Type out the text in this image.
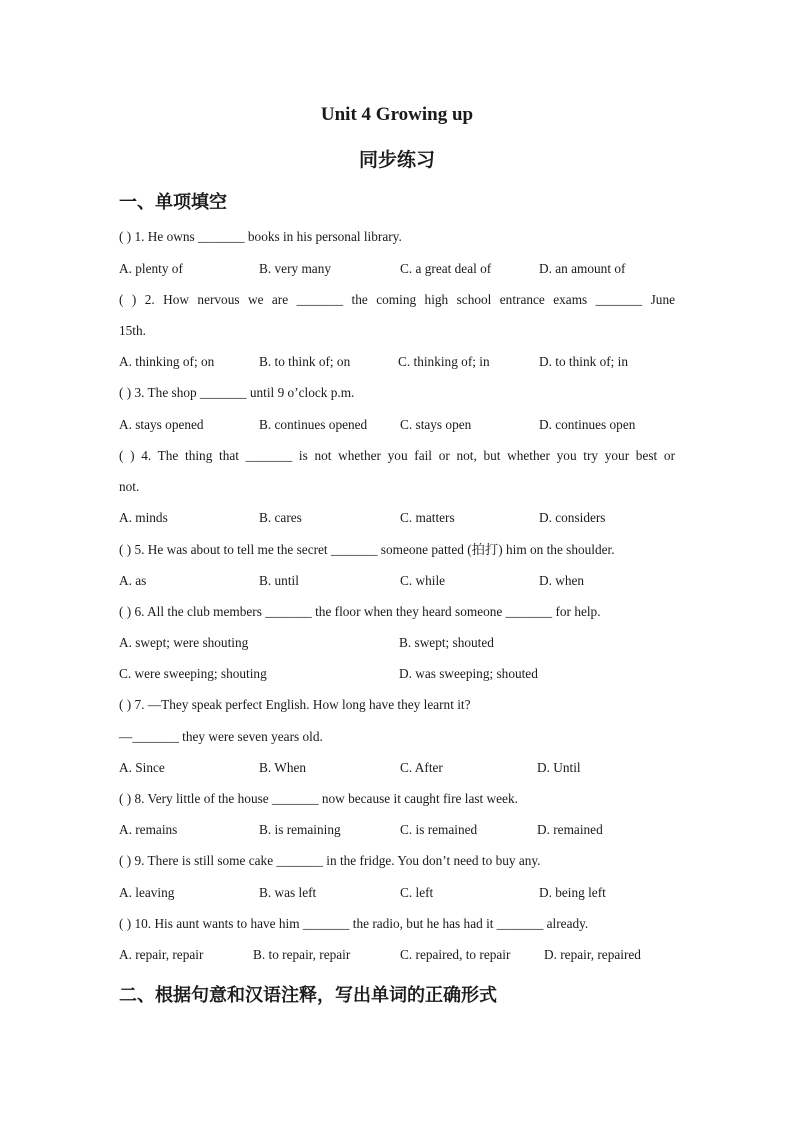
Unit 4 Growing up
同步练习
一、单项填空
( ) 1. He owns _______ books in his personal library.
A. plenty of	B. very many	C. a great deal of	D. an amount of
( ) 2. How nervous we are _______ the coming high school entrance exams _______ June
15th.
A. thinking of; on	B. to think of; on	C. thinking of; in	D. to think of; in
( ) 3. The shop _______ until 9 o’clock p.m.
A. stays opened	B. continues opened C. stays open	D. continues open
( ) 4. The thing that _______ is not whether you fail or not, but whether you try your best or
not.
A. minds	B. cares	C. matters	D. considers
( ) 5. He was about to tell me the secret _______ someone patted (拍打) him on the shoulder.
A. as	B. until	C. while	D. when
( ) 6. All the club members _______ the floor when they heard someone _______ for help.
A. swept; were shouting	B. swept; shouted
C. were sweeping; shouting	D. was sweeping; shouted
( ) 7. —They speak perfect English. How long have they learnt it?
—_______ they were seven years old.
A. Since	B. When	C. After	D. Until
( ) 8. Very little of the house _______ now because it caught fire last week.
A. remains	B. is remaining	C. is remained	D. remained
( ) 9. There is still some cake _______ in the fridge. You don’t need to buy any.
A. leaving	B. was left	C. left	D. being left
( ) 10. His aunt wants to have him _______ the radio, but he has had it _______ already.
A. repair, repair	B. to repair, repair	C. repaired, to repair	D. repair, repaired
二、根据句意和汉语注释，写出单词的正确形式
